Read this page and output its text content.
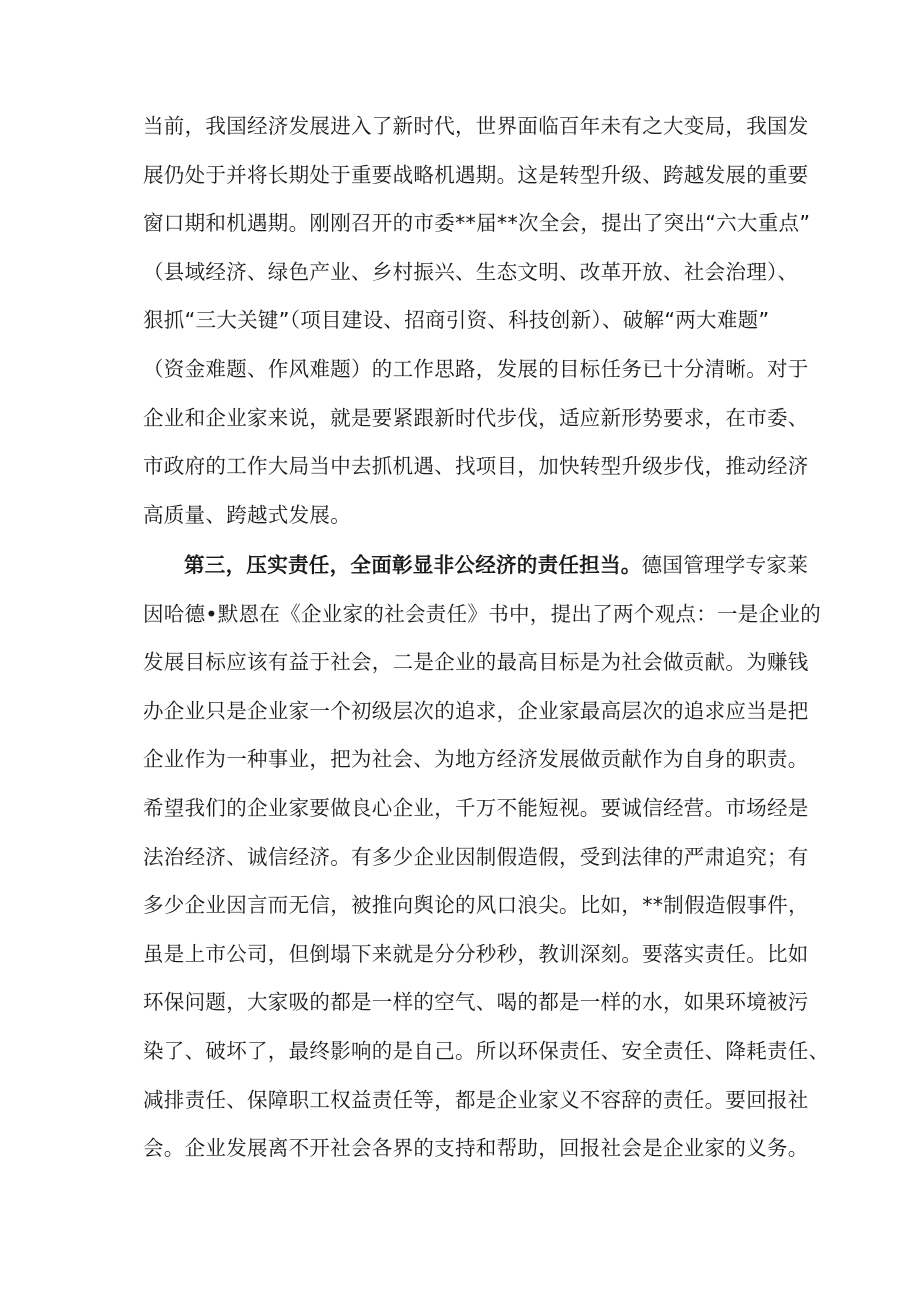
当前，我国经济发展进入了新时代，世界面临百年未有之大变局，我国发
展仍处于并将长期处于重要战略机遇期。这是转型升级、跨越发展的重要
窗口期和机遇期。刚刚召开的市委**届**次全会，提出了突出“六大重点”
（县域经济、绿色产业、乡村振兴、生态文明、改革开放、社会治理）、
狠抓“三大关键”（项目建设、招商引资、科技创新）、破解“两大难题”
（资金难题、作风难题）的工作思路，发展的目标任务已十分清晰。对于
企业和企业家来说，就是要紧跟新时代步伐，适应新形势要求，在市委、
市政府的工作大局当中去抓机遇、找项目，加快转型升级步伐，推动经济
高质量、跨越式发展。
第三，压实责任，全面彰显非公经济的责任担当。德国管理学专家莱
因哈德•默恩在《企业家的社会责任》书中，提出了两个观点：一是企业的
发展目标应该有益于社会，二是企业的最高目标是为社会做贡献。为赚钱
办企业只是企业家一个初级层次的追求，企业家最高层次的追求应当是把
企业作为一种事业，把为社会、为地方经济发展做贡献作为自身的职责。
希望我们的企业家要做良心企业，千万不能短视。要诚信经营。市场经是
法治经济、诚信经济。有多少企业因制假造假，受到法律的严肃追究；有
多少企业因言而无信，被推向舆论的风口浪尖。比如，**制假造假事件，
虽是上市公司，但倒塌下来就是分分秒秒，教训深刻。要落实责任。比如
环保问题，大家吸的都是一样的空气、喝的都是一样的水，如果环境被污
染了、破坏了，最终影响的是自己。所以环保责任、安全责任、降耗责任、
减排责任、保障职工权益责任等，都是企业家义不容辞的责任。要回报社
会。企业发展离不开社会各界的支持和帮助，回报社会是企业家的义务。
